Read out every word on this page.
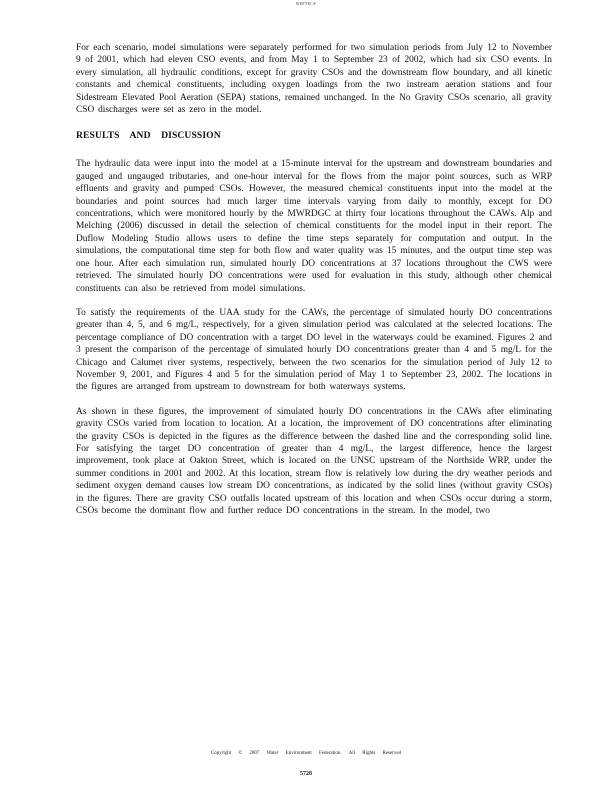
WEFTEC®

For each scenario, model simulations were separately performed for two simulation periods from July 12 to November 9 of 2001, which had eleven CSO events, and from May 1 to September 23 of 2002, which had six CSO events. In every simulation, all hydraulic conditions, except for gravity CSOs and the downstream flow boundary, and all kinetic constants and chemical constituents, including oxygen loadings from the two instream aeration stations and four Sidestream Elevated Pool Aeration (SEPA) stations, remained unchanged. In the No Gravity CSOs scenario, all gravity CSO discharges were set as zero in the model.

RESULTS AND DISCUSSION

The hydraulic data were input into the model at a 15-minute interval for the upstream and downstream boundaries and gauged and ungauged tributaries, and one-hour interval for the flows from the major point sources, such as WRP effluents and gravity and pumped CSOs. However, the measured chemical constituents input into the model at the boundaries and point sources had much larger time intervals varying from daily to monthly, except for DO concentrations, which were monitored hourly by the MWRDGC at thirty four locations throughout the CAWs. Alp and Melching (2006) discussed in detail the selection of chemical constituents for the model input in their report. The Duflow Modeling Studio allows users to define the time steps separately for computation and output. In the simulations, the computational time step for both flow and water quality was 15 minutes, and the output time step was one hour. After each simulation run, simulated hourly DO concentrations at 37 locations throughout the CWS were retrieved. The simulated hourly DO concentrations were used for evaluation in this study, although other chemical constituents can also be retrieved from model simulations.

To satisfy the requirements of the UAA study for the CAWs, the percentage of simulated hourly DO concentrations greater than 4, 5, and 6 mg/L, respectively, for a given simulation period was calculated at the selected locations. The percentage compliance of DO concentration with a target DO level in the waterways could be examined. Figures 2 and 3 present the comparison of the percentage of simulated hourly DO concentrations greater than 4 and 5 mg/L for the Chicago and Calumet river systems, respectively, between the two scenarios for the simulation period of July 12 to November 9, 2001, and Figures 4 and 5 for the simulation period of May 1 to September 23, 2002. The locations in the figures are arranged from upstream to downstream for both waterways systems.

As shown in these figures, the improvement of simulated hourly DO concentrations in the CAWs after eliminating gravity CSOs varied from location to location. At a location, the improvement of DO concentrations after eliminating the gravity CSOs is depicted in the figures as the difference between the dashed line and the corresponding solid line. For satisfying the target DO concentration of greater than 4 mg/L, the largest difference, hence the largest improvement, took place at Oakton Street, which is located on the UNSC upstream of the Northside WRP, under the summer conditions in 2001 and 2002. At this location, stream flow is relatively low during the dry weather periods and sediment oxygen demand causes low stream DO concentrations, as indicated by the solid lines (without gravity CSOs) in the figures. There are gravity CSO outfalls located upstream of this location and when CSOs occur during a storm, CSOs become the dominant flow and further reduce DO concentrations in the stream. In the model, two

Copyright © 2007 Water Environment Federation. All Rights Reserved
5728
